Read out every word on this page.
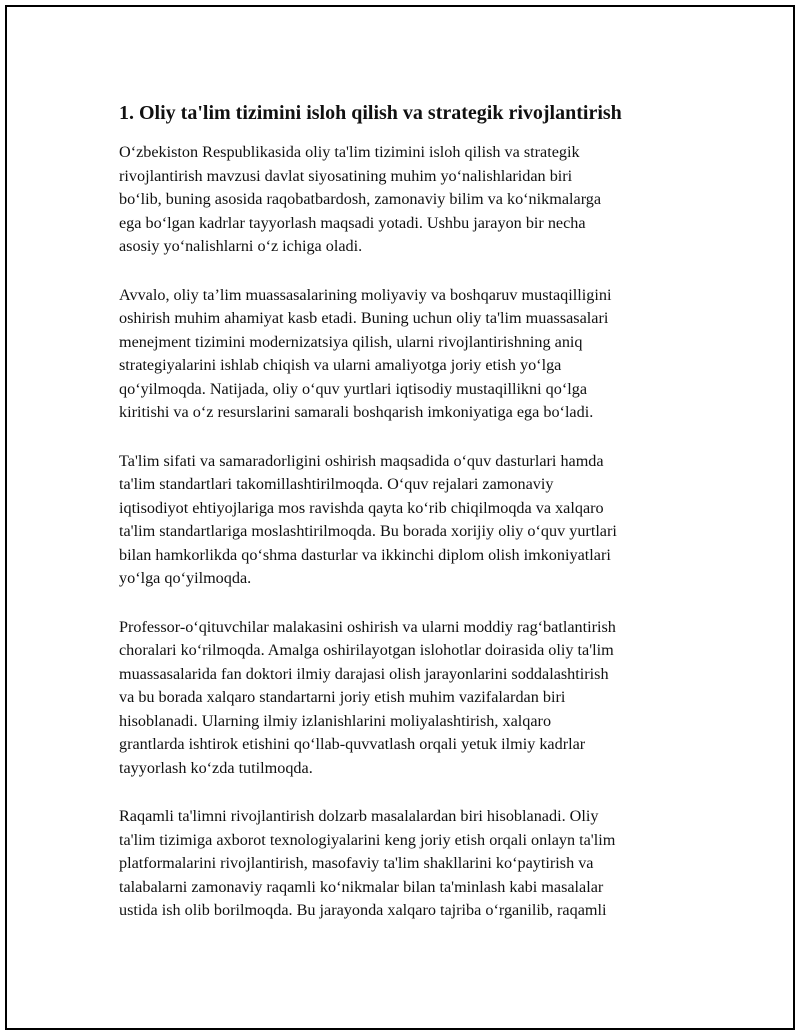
1. Oliy ta'lim tizimini isloh qilish va strategik rivojlantirish
O‘zbekiston Respublikasida oliy ta'lim tizimini isloh qilish va strategik
rivojlantirish mavzusi davlat siyosatining muhim yo‘nalishlaridan biri
bo‘lib, buning asosida raqobatbardosh, zamonaviy bilim va ko‘nikmalarga
ega bo‘lgan kadrlar tayyorlash maqsadi yotadi. Ushbu jarayon bir necha
asosiy yo‘nalishlarni o‘z ichiga oladi.
Avvalo, oliy ta’lim muassasalarining moliyaviy va boshqaruv mustaqilligini
oshirish muhim ahamiyat kasb etadi. Buning uchun oliy ta'lim muassasalari
menejment tizimini modernizatsiya qilish, ularni rivojlantirishning aniq
strategiyalarini ishlab chiqish va ularni amaliyotga joriy etish yo‘lga
qo‘yilmoqda. Natijada, oliy o‘quv yurtlari iqtisodiy mustaqillikni qo‘lga
kiritishi va o‘z resurslarini samarali boshqarish imkoniyatiga ega bo‘ladi.
Ta'lim sifati va samaradorligini oshirish maqsadida o‘quv dasturlari hamda
ta'lim standartlari takomillashtirilmoqda. O‘quv rejalari zamonaviy
iqtisodiyot ehtiyojlariga mos ravishda qayta ko‘rib chiqilmoqda va xalqaro
ta'lim standartlariga moslashtirilmoqda. Bu borada xorijiy oliy o‘quv yurtlari
bilan hamkorlikda qo‘shma dasturlar va ikkinchi diplom olish imkoniyatlari
yo‘lga qo‘yilmoqda.
Professor-o‘qituvchilar malakasini oshirish va ularni moddiy rag‘batlantirish
choralari ko‘rilmoqda. Amalga oshirilayotgan islohotlar doirasida oliy ta'lim
muassasalarida fan doktori ilmiy darajasi olish jarayonlarini soddalashtirish
va bu borada xalqaro standartarni joriy etish muhim vazifalardan biri
hisoblanadi. Ularning ilmiy izlanishlarini moliyalashtirish, xalqaro
grantlarda ishtirok etishini qo‘llab-quvvatlash orqali yetuk ilmiy kadrlar
tayyorlash ko‘zda tutilmoqda.
Raqamli ta'limni rivojlantirish dolzarb masalalardan biri hisoblanadi. Oliy
ta'lim tizimiga axborot texnologiyalarini keng joriy etish orqali onlayn ta'lim
platformalarini rivojlantirish, masofaviy ta'lim shakllarini ko‘paytirish va
talabalarni zamonaviy raqamli ko‘nikmalar bilan ta'minlash kabi masalalar
ustida ish olib borilmoqda. Bu jarayonda xalqaro tajriba o‘rganilib, raqamli
